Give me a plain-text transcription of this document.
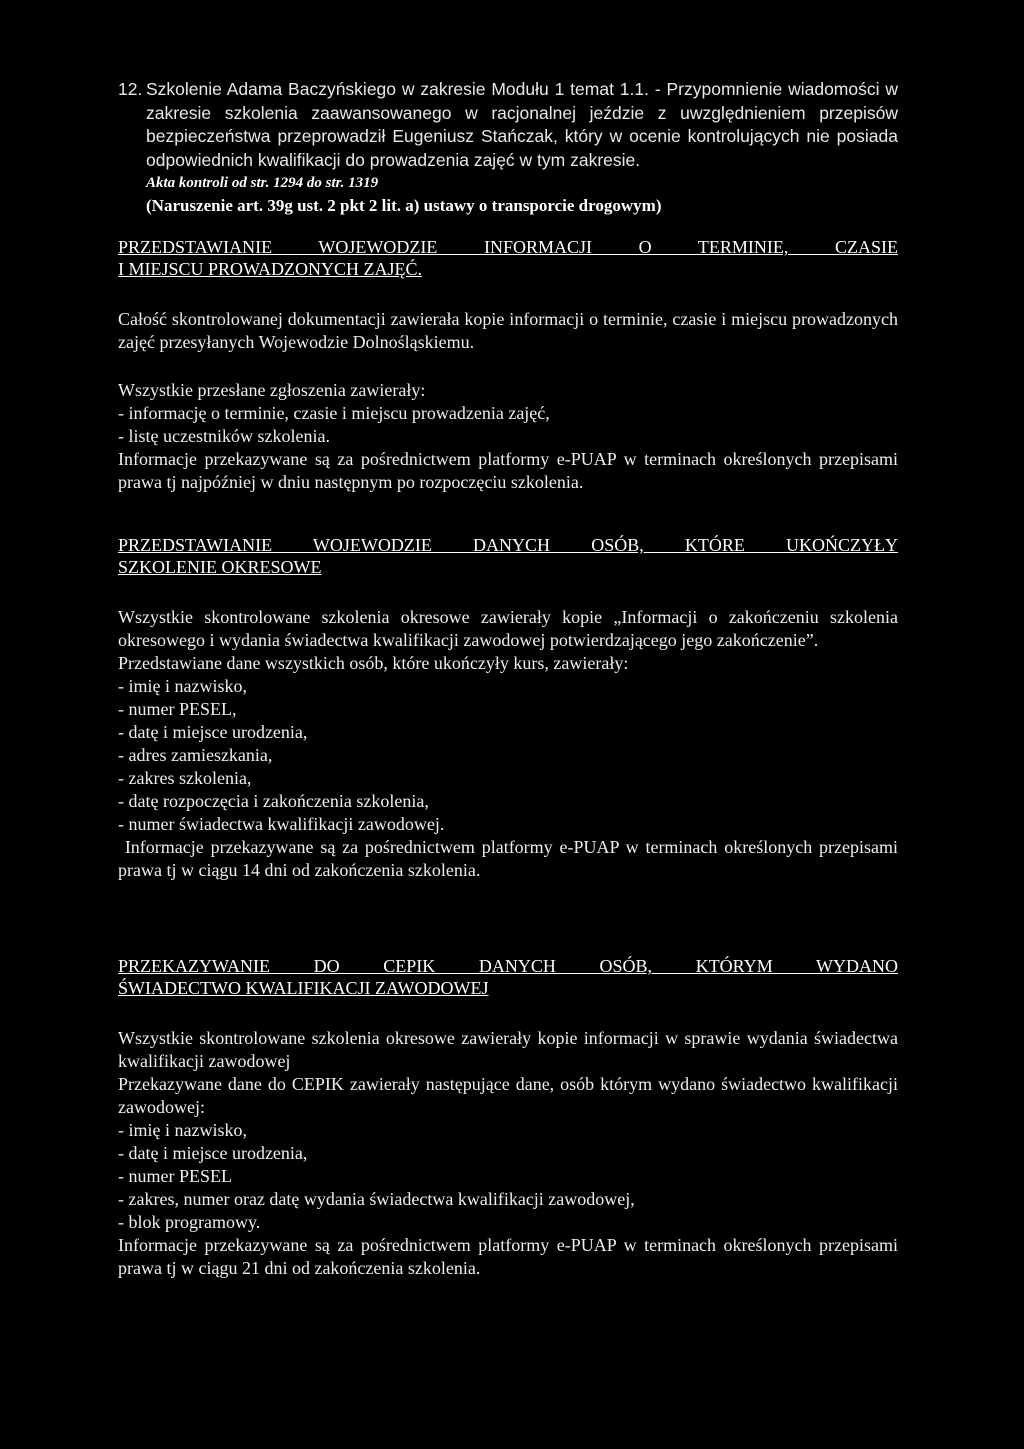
12. Szkolenie Adama Baczyńskiego w zakresie Modułu 1 temat 1.1. - Przypomnienie wiadomości w zakresie szkolenia zaawansowanego w racjonalnej jeździe z uwzględnieniem przepisów bezpieczeństwa przeprowadził Eugeniusz Stańczak, który w ocenie kontrolujących nie posiada odpowiednich kwalifikacji do prowadzenia zajęć w tym zakresie.

Akta kontroli od str. 1294 do str. 1319

(Naruszenie art. 39g ust. 2 pkt 2 lit. a) ustawy o transporcie drogowym)

PRZEDSTAWIANIE WOJEWODZIE INFORMACJI O TERMINIE, CZASIE
I MIEJSCU PROWADZONYCH ZAJĘĆ.

Całość skontrolowanej dokumentacji zawierała kopie informacji o terminie, czasie i miejscu prowadzonych zajęć przesyłanych Wojewodzie Dolnośląskiemu.

Wszystkie przesłane zgłoszenia zawierały:

- informację o terminie, czasie i miejscu prowadzenia zajęć,
- listę uczestników szkolenia.

Informacje przekazywane są za pośrednictwem platformy e-PUAP w terminach określonych przepisami prawa tj najpóźniej w dniu następnym po rozpoczęciu szkolenia.

PRZEDSTAWIANIE WOJEWODZIE DANYCH OSÓB, KTÓRE UKOŃCZYŁY
SZKOLENIE OKRESOWE

Wszystkie skontrolowane szkolenia okresowe zawierały kopie „Informacji o zakończeniu szkolenia okresowego i wydania świadectwa kwalifikacji zawodowej potwierdzającego jego zakończenie”.

Przedstawiane dane wszystkich osób, które ukończyły kurs, zawierały:

- imię i nazwisko,
- numer PESEL,
- datę i miejsce urodzenia,
- adres zamieszkania,
- zakres szkolenia,
- datę rozpoczęcia i zakończenia szkolenia,
- numer świadectwa kwalifikacji zawodowej.

Informacje przekazywane są za pośrednictwem platformy e-PUAP w terminach określonych przepisami prawa tj w ciągu 14 dni od zakończenia szkolenia.

PRZEKAZYWANIE DO CEPIK DANYCH OSÓB, KTÓRYM WYDANO
ŚWIADECTWO KWALIFIKACJI ZAWODOWEJ

Wszystkie skontrolowane szkolenia okresowe zawierały kopie informacji w sprawie wydania świadectwa kwalifikacji zawodowej

Przekazywane dane do CEPIK zawierały następujące dane, osób którym wydano świadectwo kwalifikacji zawodowej:

- imię i nazwisko,
- datę i miejsce urodzenia,
- numer PESEL
- zakres, numer oraz datę wydania świadectwa kwalifikacji zawodowej,
- blok programowy.

Informacje przekazywane są za pośrednictwem platformy e-PUAP w terminach określonych przepisami prawa tj w ciągu 21 dni od zakończenia szkolenia.
